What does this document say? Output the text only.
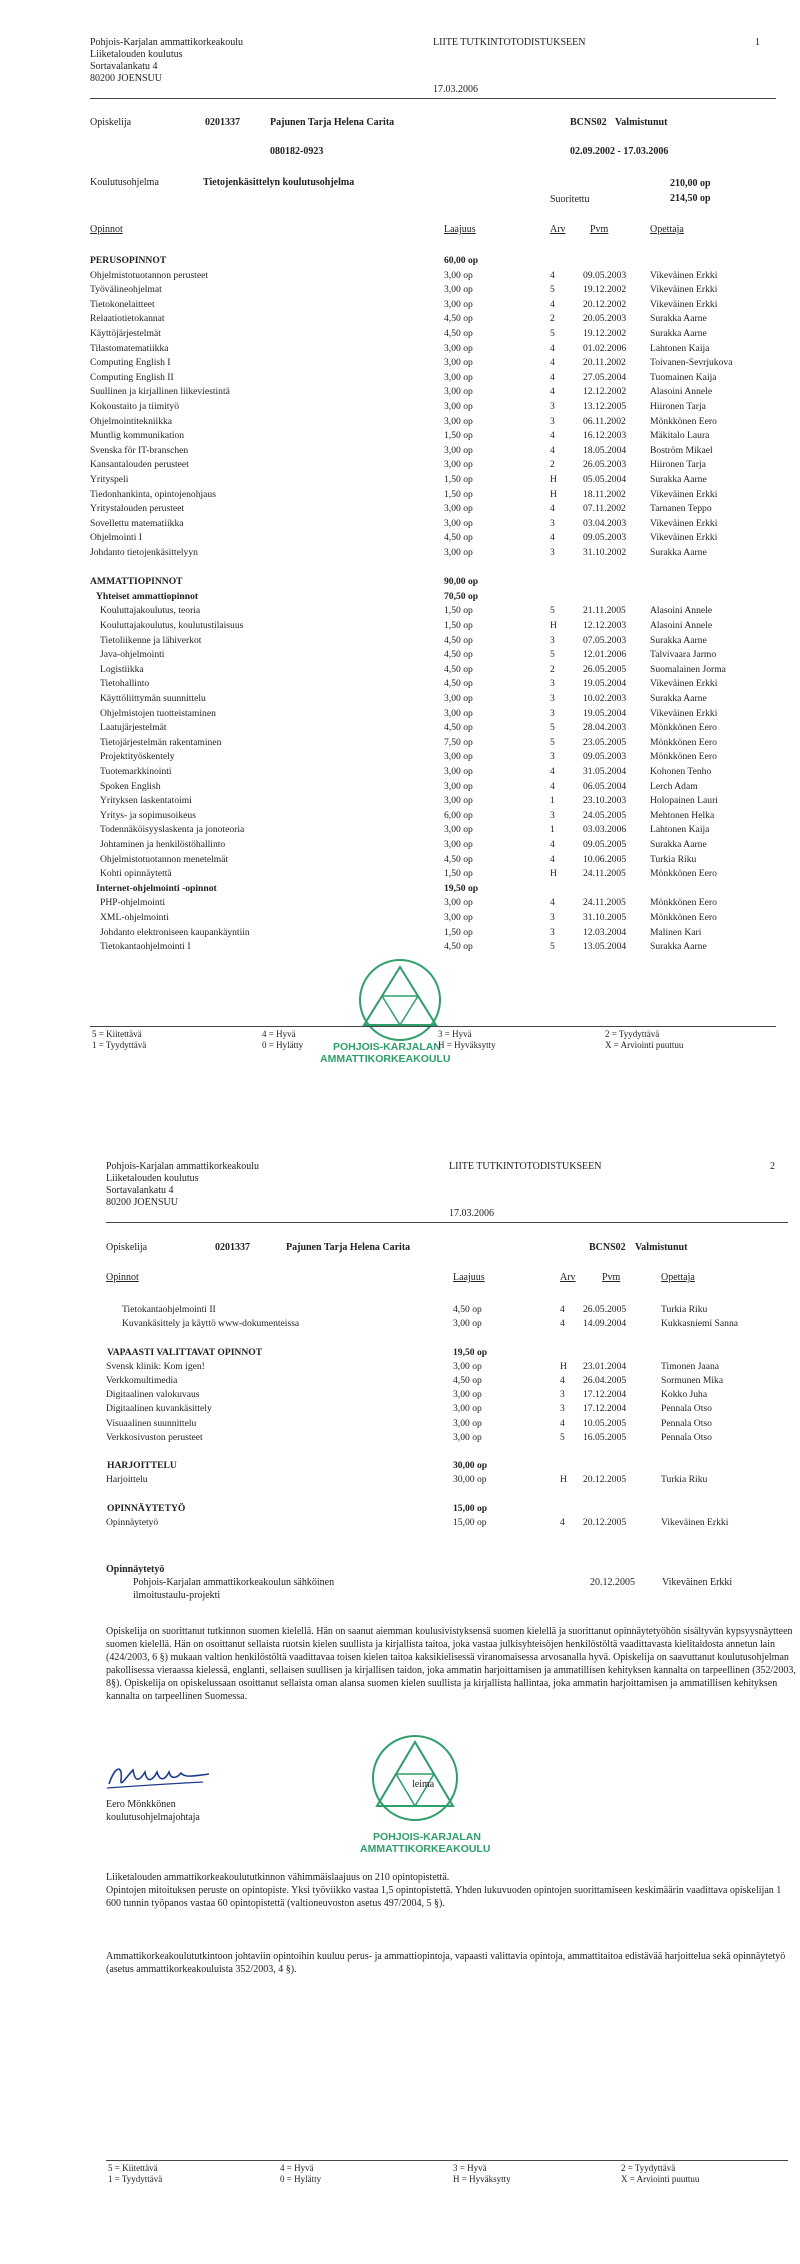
Pohjois-Karjalan ammattikorkeakoulu
Liiketalouden koulutus
Sortavalankatu 4
80200 JOENSUU
LIITE TUTKINTOTODISTUKSEEN	1
17.03.2006
Opiskelija	0201337	Pajunen Tarja Helena Carita	BCNS02 Valmistunut
080182-0923	02.09.2002 - 17.03.2006
Koulutusohjelma	Tietojenkäsittelyn koulutusohjelma	210,00 op
Suoritettu	214,50 op
Opinnot	Laajuus	Arv Pvm	Opettaja
PERUSOPINNOT	60,00 op
Ohjelmistotuotannon perusteet	3,00 op	4	09.05.2003 Vikeväinen Erkki
Työvälineohjelmat	3,00 op	5	19.12.2002 Vikeväinen Erkki
Tietokonelaitteet	3,00 op	4	20.12.2002 Vikeväinen Erkki
Relaatiotietokannat	4,50 op	2	20.05.2003 Surakka Aarne
Käyttöjärjestelmät	4,50 op	5	19.12.2002 Surakka Aarne
Tilastomatematiikka	3,00 op	4	01.02.2006 Lahtonen Kaija
Computing English I	3,00 op	4	20.11.2002	Toivanen-Sevrjukova
Computing English II	3,00 op	4	27.05.2004 Tuomainen Kaija
Suullinen ja kirjallinen liikeviestintä	3,00 op	4	12.12.2002 Alasoini Annele
Kokoustaito ja tiimityö	3,00 op	3	13.12.2005 Hiironen Tarja
Ohjelmointitekniikka	3,00 op	3	06.11.2002	Mönkkönen Eero
Muntlig kommunikation	1,50 op	4	16.12.2003 Mäkitalo Laura
Svenska för IT-branschen	3,00 op	4	18.05.2004 Boström Mikael
Kansantalouden perusteet	3,00 op	2	26.05.2003 Hiironen Tarja
Yrityspeli	1,50 op	H	05.05.2004 Surakka Aarne
Tiedonhankinta, opintojenohjaus	1,50 op	H	18.11.2002	Vikeväinen Erkki
Yritystalouden perusteet	3,00 op	4	07.11.2002	Tarnanen Teppo
Sovellettu matematiikka	3,00 op	3	03.04.2003 Vikeväinen Erkki
Ohjelmointi I	4,50 op	4	09.05.2003 Vikeväinen Erkki
Johdanto tietojenkäsittelyyn	3,00 op	3	31.10.2002 Surakka Aarne
AMMATTIOPINNOT	90,00 op
Yhteiset ammattiopinnot	70,50 op
Kouluttajakoulutus, teoria	1,50 op	5	21.11.2005	Alasoini Annele
Kouluttajakoulutus, koulutustilaisuus	1,50 op	H	12.12.2003 Alasoini Annele
Tietoliikenne ja lähiverkot	4,50 op	3	07.05.2003 Surakka Aarne
Java-ohjelmointi	4,50 op	5	12.01.2006 Talvivaara Jarmo
Logistiikka	4,50 op	2	26.05.2005 Suomalainen Jorma
Tietohallinto	4,50 op	3	19.05.2004 Vikeväinen Erkki
Käyttöliittymän suunnittelu	3,00 op	3	10.02.2003 Surakka Aarne
Ohjelmistojen tuotteistaminen	3,00 op	3	19.05.2004 Vikeväinen Erkki
Laatujärjestelmät	4,50 op	5	28.04.2003 Mönkkönen Eero
Tietojärjestelmän rakentaminen	7,50 op	5	23.05.2005 Mönkkönen Eero
Projektityöskentely	3,00 op	3	09.05.2003 Mönkkönen Eero
Tuotemarkkinointi	3,00 op	4	31.05.2004 Kohonen Tenho
Spoken English	3,00 op	4	06.05.2004 Lerch Adam
Yrityksen laskentatoimi	3,00 op	1	23.10.2003 Holopainen Lauri
Yritys- ja sopimusoikeus	6,00 op	3	24.05.2005 Mehtonen Helka
Todennäköisyyslaskenta ja jonoteoria	3,00 op	1	03.03.2006 Lahtonen Kaija
Johtaminen ja henkilöstöhallinto	3,00 op	4	09.05.2005 Surakka Aarne
Ohjelmistotuotannon menetelmät	4,50 op	4	10.06.2005 Turkia Riku
Kohti opinnäytettä	1,50 op	H	24.11.2005	Mönkkönen Eero
Internet-ohjelmointi -opinnot	19,50 op
PHP-ohjelmointi	3,00 op	4	24.11.2005	Mönkkönen Eero
XML-ohjelmointi	3,00 op	3	31.10.2005 Mönkkönen Eero
Johdanto elektroniseen kaupankäyntiin	1,50 op	3	12.03.2004 Malinen Kari
Tietokantaohjelmointi I	4,50 op	5	13.05.2004 Surakka Aarne
POHJOIS-KARJALAN
AMMATTIKORKEAKOULU
5 = Kiitettävä
1 = Tyydyttävä
4 = Hyvä
0 = Hylätty
3 = Hyvä
H = Hyväksytty
2 = Tyydyttävä
X = Arviointi puuttuu
Pohjois-Karjalan ammattikorkeakoulu
Liiketalouden koulutus
Sortavalankatu 4
80200 JOENSUU
LIITE TUTKINTOTODISTUKSEEN	2
17.03.2006
Opiskelija	0201337	Pajunen Tarja Helena Carita	BCNS02 Valmistunut
Opinnot	Laajuus	Arv	Pvm	Opettaja
Tietokantaohjelmointi II	4,50 op	4 26.05.2005	Turkia Riku
Kuvankäsittely ja käyttö www-dokumenteissa	3,00 op	4 14.09.2004	Kukkasniemi Sanna
VAPAASTI VALITTAVAT OPINNOT	19,50 op
Svensk klinik: Kom igen!	3,00 op	H 23.01.2004	Timonen Jaana
Verkkomultimedia	4,50 op	4 26.04.2005	Sormunen Mika
Digitaalinen valokuvaus	3,00 op	3 17.12.2004	Kokko Juha
Digitaalinen kuvankäsittely	3,00 op	3 17.12.2004	Pennala Otso
Visuaalinen suunnittelu	3,00 op	4 10.05.2005	Pennala Otso
Verkkosivuston perusteet	3,00 op	5 16.05.2005	Pennala Otso
HARJOITTELU	30,00 op
Harjoittelu	30,00 op	H 20.12.2005	Turkia Riku
OPINNÄYTETYÖ	15,00 op
Opinnäytetyö	15,00 op	4 20.12.2005	Vikeväinen Erkki
Opinnäytetyö
Pohjois-Karjalan ammattikorkeakoulun sähköinen
ilmoitustaulu-projekti
20.12.2005	Vikeväinen Erkki
Opiskelija on suorittanut tutkinnon suomen kielellä. Hän on saanut aiemman koulusivistyksensä suomen kielellä ja suorittanut opinnäytetyöhön sisältyvän kypsyysnäytteen suomen kielellä. Hän on osoittanut sellaista ruotsin kielen suullista ja kirjallista taitoa, joka vastaa julkisyhteisöjen henkilöstöltä vaadittavasta kielitaidosta annetun lain (424/2003, 6 §) mukaan valtion henkilöstöltä vaadittavaa toisen kielen taitoa kaksikielisessä viranomaisessa arvosanalla hyvä. Opiskelija on saavuttanut koulutusohjelman pakollisessa vieraassa kielessä, englanti, sellaisen suullisen ja kirjallisen taidon, joka ammatin harjoittamisen ja ammatillisen kehityksen kannalta on tarpeellinen (352/2003, 8§). Opiskelija on opiskelussaan osoittanut sellaista oman alansa suomen kielen suullista ja kirjallista hallintaa, joka ammatin harjoittamisen ja ammatillisen kehityksen kannalta on tarpeellinen Suomessa.
Eero Mönkkönen
koulutusohjelmajohtaja
leima
POHJOIS-KARJALAN
AMMATTIKORKEAKOULU
Liiketalouden ammattikorkeakoulututkinnon vähimmäislaajuus on 210 opintopistettä.
Opintojen mitoituksen peruste on opintopiste. Yksi työviikko vastaa 1,5 opintopistettä. Yhden lukuvuoden opintojen suorittamiseen keskimäärin vaadittava opiskelijan 1 600 tunnin työpanos vastaa 60 opintopistettä (valtioneuvoston asetus 497/2004, 5 §).
Ammattikorkeakoulututkintoon johtaviin opintoihin kuuluu perus- ja ammattiopintoja, vapaasti valittavia opintoja, ammattitaitoa edistävää harjoittelua sekä opinnäytetyö (asetus ammattikorkeakouluista 352/2003, 4 §).
5 = Kiitettävä
1 = Tyydyttävä
4 = Hyvä
0 = Hylätty
3 = Hyvä
H = Hyväksytty
2 = Tyydyttävä
X = Arviointi puuttuu
